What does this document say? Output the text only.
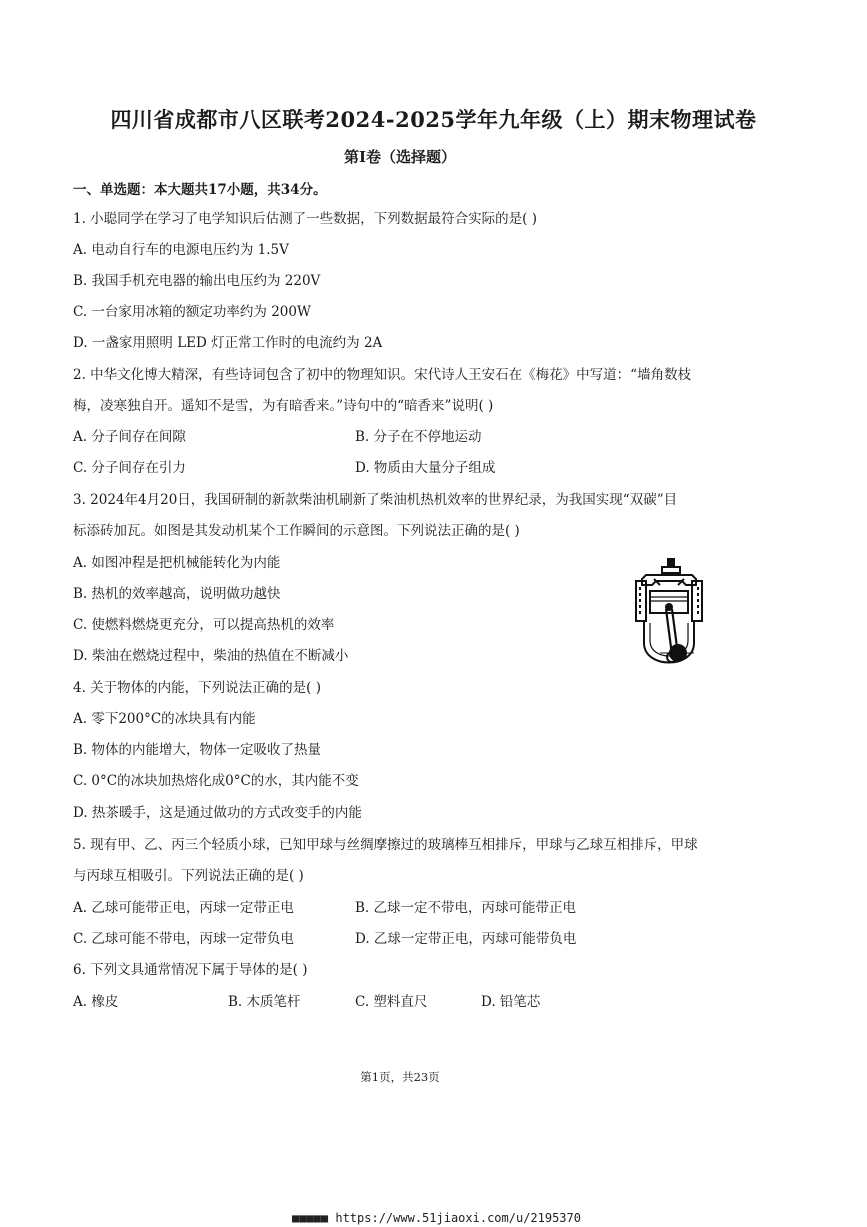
四川省成都市八区联考2024-2025学年九年级（上）期末物理试卷
第I卷（选择题）
一、单选题：本大题共17小题，共34分。
1. 小聪同学在学习了电学知识后估测了一些数据，下列数据最符合实际的是( )
A. 电动自行车的电源电压约为 1.5V
B. 我国手机充电器的输出电压约为 220V
C. 一台家用冰箱的额定功率约为 200W
D. 一盏家用照明 LED 灯正常工作时的电流约为 2A
2. 中华文化博大精深，有些诗词包含了初中的物理知识。宋代诗人王安石在《梅花》中写道：“墙角数枝
梅，凌寒独自开。遥知不是雪，为有暗香来。”诗句中的“暗香来”说明( )
A. 分子间存在间隙	B. 分子在不停地运动
C. 分子间存在引力	D. 物质由大量分子组成
3. 2024年4月20日，我国研制的新款柴油机刷新了柴油机热机效率的世界纪录，为我国实现“双碳”目
标添砖加瓦。如图是其发动机某个工作瞬间的示意图。下列说法正确的是( )
A. 如图冲程是把机械能转化为内能
B. 热机的效率越高，说明做功越快
C. 使燃料燃烧更充分，可以提高热机的效率
D. 柴油在燃烧过程中，柴油的热值在不断减小
4. 关于物体的内能，下列说法正确的是( )
A. 零下200°C的冰块具有内能
B. 物体的内能增大，物体一定吸收了热量
C. 0°C的冰块加热熔化成0°C的水，其内能不变
D. 热茶暖手，这是通过做功的方式改变手的内能
5. 现有甲、乙、丙三个轻质小球，已知甲球与丝绸摩擦过的玻璃棒互相排斥，甲球与乙球互相排斥，甲球
与丙球互相吸引。下列说法正确的是( )
A. 乙球可能带正电，丙球一定带正电	B. 乙球一定不带电，丙球可能带正电
C. 乙球可能不带电，丙球一定带负电	D. 乙球一定带正电，丙球可能带负电
6. 下列文具通常情况下属于导体的是( )
A. 橡皮	B. 木质笔杆	C. 塑料直尺	D. 铅笔芯
第1页，共23页
■■■■■ https://www.51jiaoxi.com/u/2195370
